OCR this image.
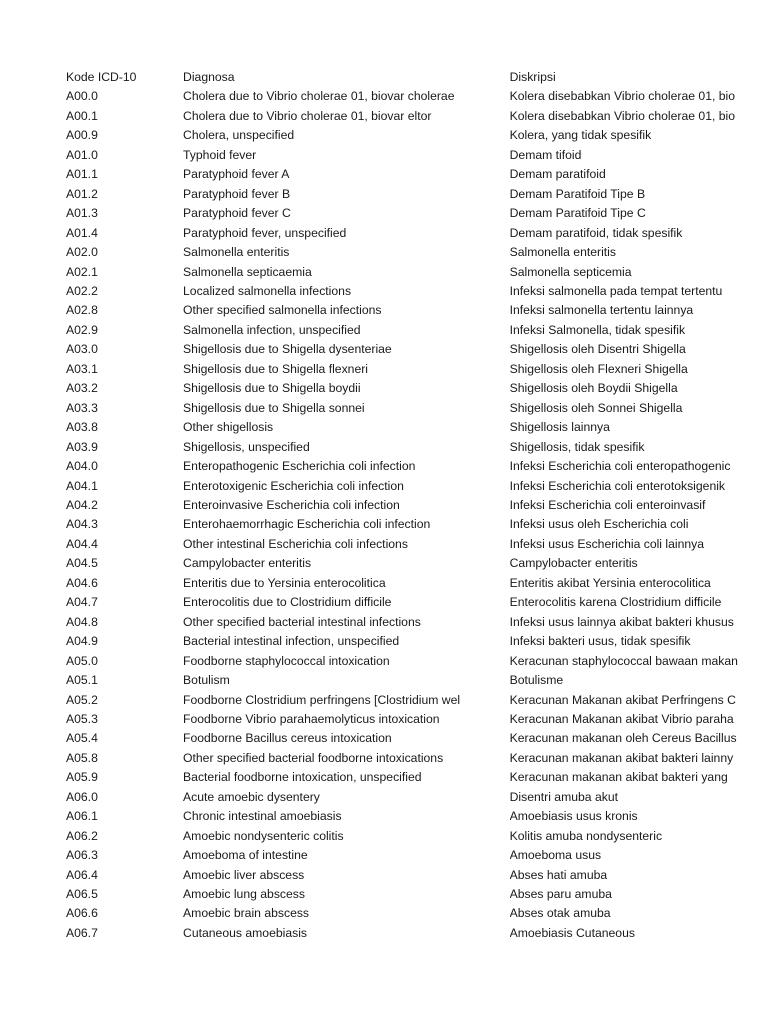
Kode ICD-10	Diagnosa	Diskripsi
A00.0	Cholera due to Vibrio cholerae 01, biovar cholerae	Kolera disebabkan Vibrio cholerae 01, bio
A00.1	Cholera due to Vibrio cholerae 01, biovar eltor	Kolera disebabkan Vibrio cholerae 01, bio
A00.9	Cholera, unspecified	Kolera, yang tidak spesifik
A01.0	Typhoid fever	Demam tifoid
A01.1	Paratyphoid fever A	Demam paratifoid
A01.2	Paratyphoid fever B	Demam Paratifoid Tipe B
A01.3	Paratyphoid fever C	Demam Paratifoid Tipe C
A01.4	Paratyphoid fever, unspecified	Demam paratifoid, tidak spesifik
A02.0	Salmonella enteritis	Salmonella enteritis
A02.1	Salmonella septicaemia	Salmonella septicemia
A02.2	Localized salmonella infections	Infeksi salmonella pada tempat tertentu
A02.8	Other specified salmonella infections	Infeksi salmonella tertentu lainnya
A02.9	Salmonella infection, unspecified	Infeksi Salmonella, tidak spesifik
A03.0	Shigellosis due to Shigella dysenteriae	Shigellosis oleh Disentri Shigella
A03.1	Shigellosis due to Shigella flexneri	Shigellosis oleh Flexneri Shigella
A03.2	Shigellosis due to Shigella boydii	Shigellosis oleh Boydii Shigella
A03.3	Shigellosis due to Shigella sonnei	Shigellosis oleh Sonnei Shigella
A03.8	Other shigellosis	Shigellosis lainnya
A03.9	Shigellosis, unspecified	Shigellosis, tidak spesifik
A04.0	Enteropathogenic Escherichia coli infection	Infeksi Escherichia coli enteropathogenic
A04.1	Enterotoxigenic Escherichia coli infection	Infeksi Escherichia coli enterotoksigenik
A04.2	Enteroinvasive Escherichia coli infection	Infeksi Escherichia coli enteroinvasif
A04.3	Enterohaemorrhagic Escherichia coli infection	Infeksi usus oleh Escherichia coli
A04.4	Other intestinal Escherichia coli infections	Infeksi usus Escherichia coli lainnya
A04.5	Campylobacter enteritis	Campylobacter enteritis
A04.6	Enteritis due to Yersinia enterocolitica	Enteritis akibat Yersinia enterocolitica
A04.7	Enterocolitis due to Clostridium difficile	Enterocolitis karena Clostridium difficile
A04.8	Other specified bacterial intestinal infections	Infeksi usus lainnya akibat bakteri khusus
A04.9	Bacterial intestinal infection, unspecified	Infeksi bakteri usus, tidak spesifik
A05.0	Foodborne staphylococcal intoxication	Keracunan staphylococcal bawaan makan
A05.1	Botulism	Botulisme
A05.2	Foodborne Clostridium perfringens [Clostridium wel	Keracunan Makanan akibat Perfringens C
A05.3	Foodborne Vibrio parahaemolyticus intoxication	Keracunan Makanan akibat Vibrio paraha
A05.4	Foodborne Bacillus cereus intoxication	Keracunan makanan oleh Cereus Bacillus
A05.8	Other specified bacterial foodborne intoxications	Keracunan makanan akibat bakteri lainny
A05.9	Bacterial foodborne intoxication, unspecified	Keracunan makanan akibat bakteri yang
A06.0	Acute amoebic dysentery	Disentri amuba akut
A06.1	Chronic intestinal amoebiasis	Amoebiasis usus kronis
A06.2	Amoebic nondysenteric colitis	Kolitis amuba nondysenteric
A06.3	Amoeboma of intestine	Amoeboma usus
A06.4	Amoebic liver abscess	Abses hati amuba
A06.5	Amoebic lung abscess	Abses paru amuba
A06.6	Amoebic brain abscess	Abses otak amuba
A06.7	Cutaneous amoebiasis	Amoebiasis Cutaneous
